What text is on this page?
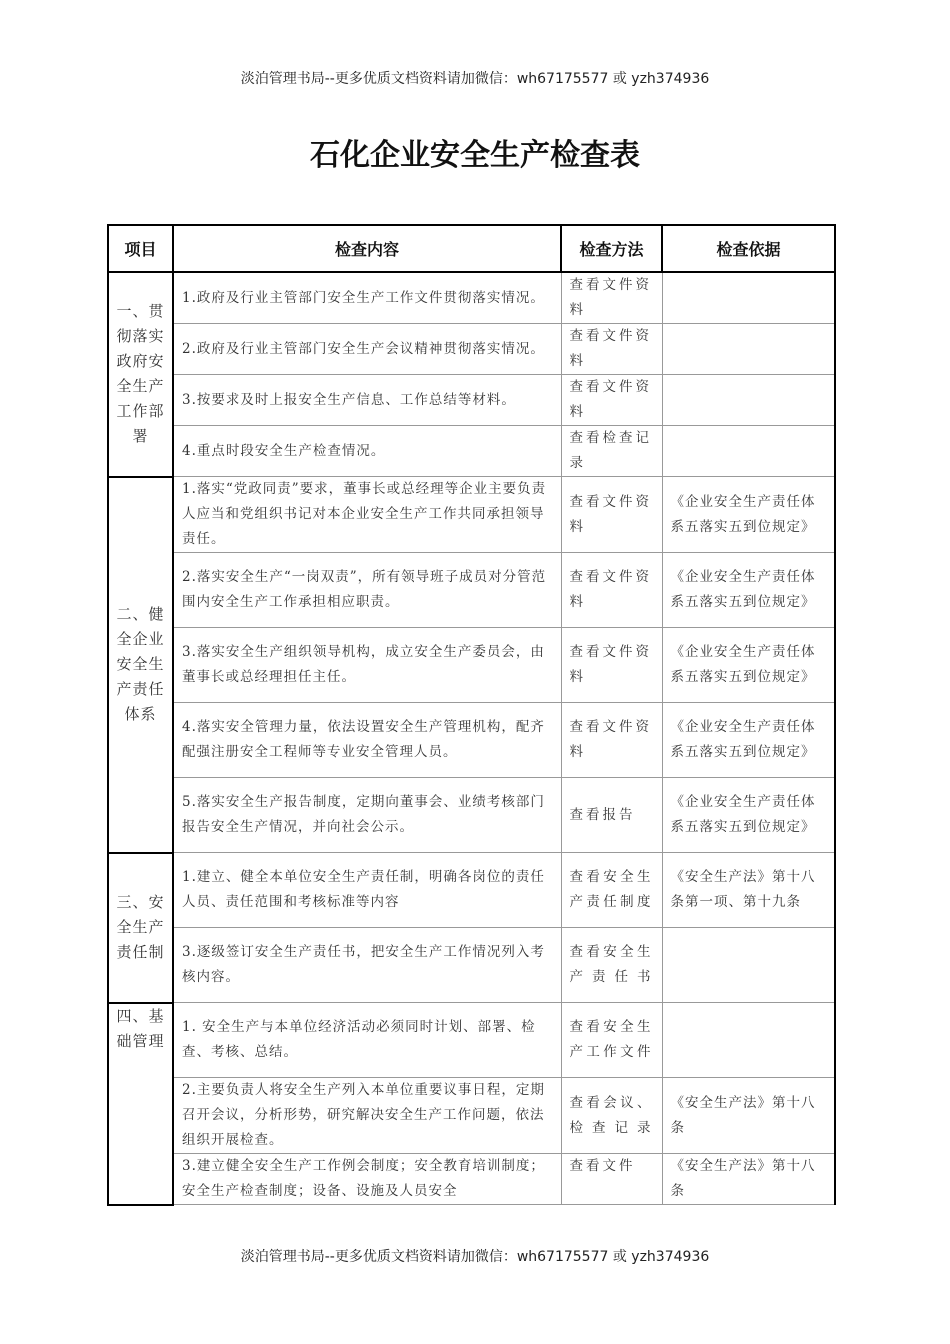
淡泊管理书局--更多优质文档资料请加微信：wh67175577 或 yzh374936
石化企业安全生产检查表
项目	检查内容	检查方法	检查依据
一、贯彻落实政府安全生产工作部署	1.政府及行业主管部门安全生产工作文件贯彻落实情况。	查看文件资料	
	2.政府及行业主管部门安全生产会议精神贯彻落实情况。	查看文件资料	
	3.按要求及时上报安全生产信息、工作总结等材料。	查看文件资料	
	4.重点时段安全生产检查情况。	查看检查记录	
二、健全企业安全生产责任体系	1.落实“党政同责”要求，董事长或总经理等企业主要负责人应当和党组织书记对本企业安全生产工作共同承担领导责任。	查看文件资料	《企业安全生产责任体系五落实五到位规定》
	2.落实安全生产“一岗双责”，所有领导班子成员对分管范围内安全生产工作承担相应职责。	查看文件资料	《企业安全生产责任体系五落实五到位规定》
	3.落实安全生产组织领导机构，成立安全生产委员会，由董事长或总经理担任主任。	查看文件资料	《企业安全生产责任体系五落实五到位规定》
	4.落实安全管理力量，依法设置安全生产管理机构，配齐配强注册安全工程师等专业安全管理人员。	查看文件资料	《企业安全生产责任体系五落实五到位规定》
	5.落实安全生产报告制度，定期向董事会、业绩考核部门报告安全生产情况，并向社会公示。	查看报告	《企业安全生产责任体系五落实五到位规定》
三、安全生产责任制	1.建立、健全本单位安全生产责任制，明确各岗位的责任人员、责任范围和考核标准等内容	查看安全生产责任制度	《安全生产法》第十八条第一项、第十九条
	3.逐级签订安全生产责任书，把安全生产工作情况列入考核内容。	查看安全生产责任书	
四、基础管理	1. 安全生产与本单位经济活动必须同时计划、部署、检查、考核、总结。	查看安全生产工作文件	
	2.主要负责人将安全生产列入本单位重要议事日程，定期召开会议，分析形势，研究解决安全生产工作问题，依法组织开展检查。	查看会议、检查记录	《安全生产法》第十八条
	3.建立健全安全生产工作例会制度；安全教育培训制度；安全生产检查制度；设备、设施及人员安全	查看文件	《安全生产法》第十八条
淡泊管理书局--更多优质文档资料请加微信：wh67175577 或 yzh374936
